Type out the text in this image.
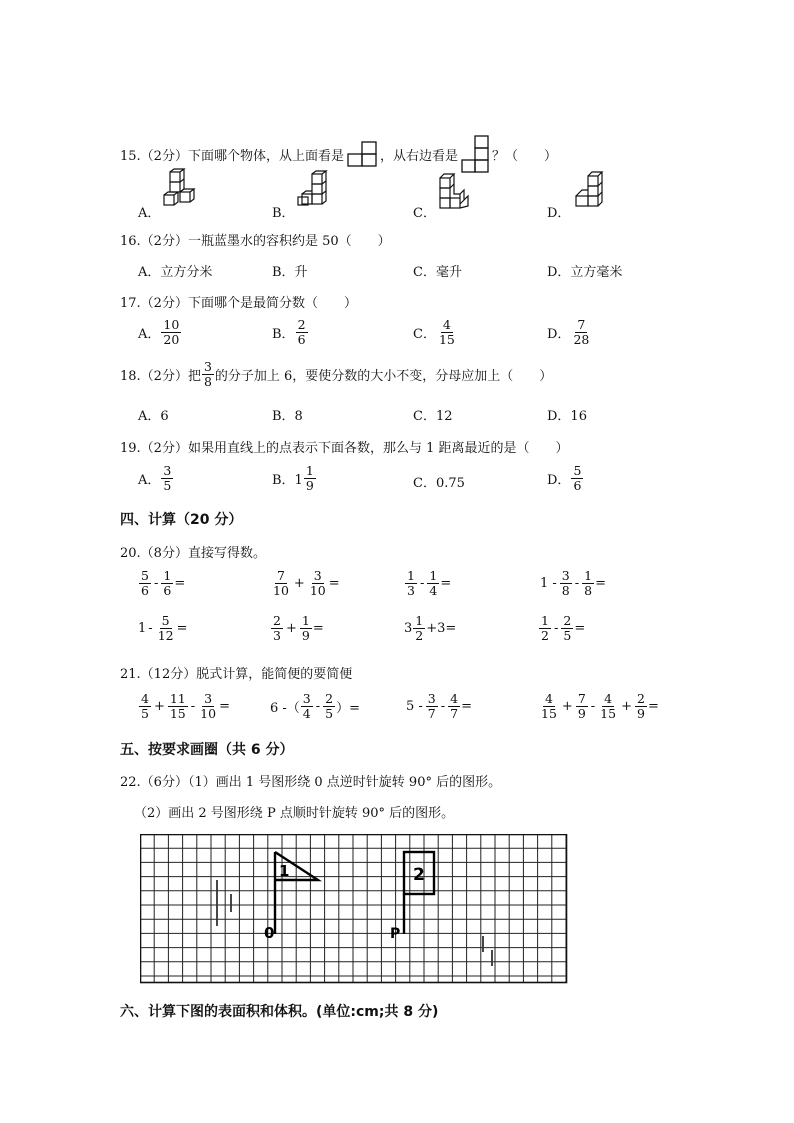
15.（2分）下面哪个物体，从上面看是	，从右边看是	？（　　）
A．	B．	C．	D．
16.（2分）一瓶蓝墨水的容积约是 50（　　）
A．立方分米	B．升	C．毫升	D．立方毫米
17.（2分）下面哪个是最简分数（　　）
A． $\frac{10}{20}$	B． $\frac{2}{6}$	C． $\frac{4}{15}$	D． $\frac{7}{28}$
18.（2分）把 $\frac{3}{8}$ 的分子加上 6，要使分数的大小不变，分母应加上（　　）
A．6	B．8	C．12	D．16
19.（2分）如果用直线上的点表示下面各数，那么与 1 距离最近的是（　　）
A． $\frac{3}{5}$	B．$1 \frac{1}{9}$	C．0.75	D． $\frac{5}{6}$
四、计算（20 分）
20.（8分）直接写得数。
$\frac{5}{6} - \frac{1}{6}$ =	$\frac{7}{10} + \frac{3}{10}$ =	$\frac{1}{3} - \frac{1}{4}$ =	$1 - \frac{3}{8} - \frac{1}{8}$ =
$1 - \frac{5}{12}$ =	$\frac{2}{3} + \frac{1}{9}$ =	$3 \frac{1}{2} +3=$	$\frac{1}{2} - \frac{2}{5}$ =
21.（12分）脱式计算，能简便的要简便
$\frac{4}{5} + \frac{11}{15} - \frac{3}{10}$ =	6 -（ $\frac{3}{4} - \frac{2}{5}$ ）=	$5 - \frac{3}{7} - \frac{4}{7}$ =	$\frac{4}{15} + \frac{7}{9} - \frac{4}{15} + \frac{2}{9}$ =
五、按要求画圈（共 6 分）
22.（6分）（1）画出 1 号图形绕 0 点逆时针旋转 90° 后的图形。
（2）画出 2 号图形绕 P 点顺时针旋转 90° 后的图形。
1	2
0	P
六、计算下图的表面积和体积。(单位:cm;共 8 分)
